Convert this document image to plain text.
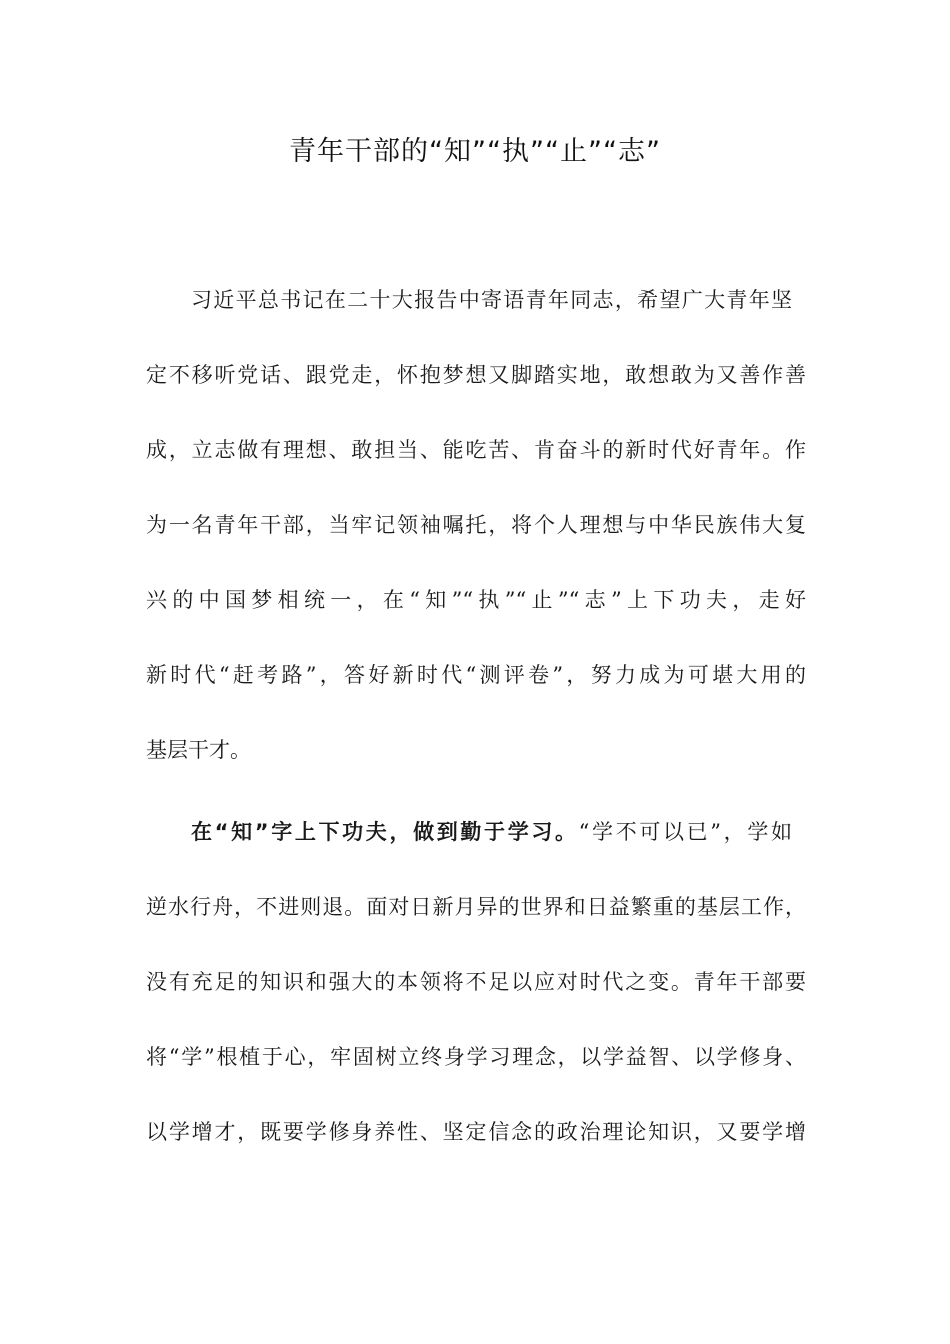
青年干部的“知”“执”“止”“志”
习近平总书记在二十大报告中寄语青年同志，希望广大青年坚
定不移听党话、跟党走，怀抱梦想又脚踏实地，敢想敢为又善作善
成，立志做有理想、敢担当、能吃苦、肯奋斗的新时代好青年。作
为一名青年干部，当牢记领袖嘱托，将个人理想与中华民族伟大复
兴的中国梦相统一，在“知”“执”“止”“志”上下功夫，走好
新时代“赶考路”，答好新时代“测评卷”，努力成为可堪大用的
基层干才。
在“知”字上下功夫，做到勤于学习。“学不可以已”，学如
逆水行舟，不进则退。面对日新月异的世界和日益繁重的基层工作，
没有充足的知识和强大的本领将不足以应对时代之变。青年干部要
将“学”根植于心，牢固树立终身学习理念，以学益智、以学修身、
以学增才，既要学修身养性、坚定信念的政治理论知识，又要学增
